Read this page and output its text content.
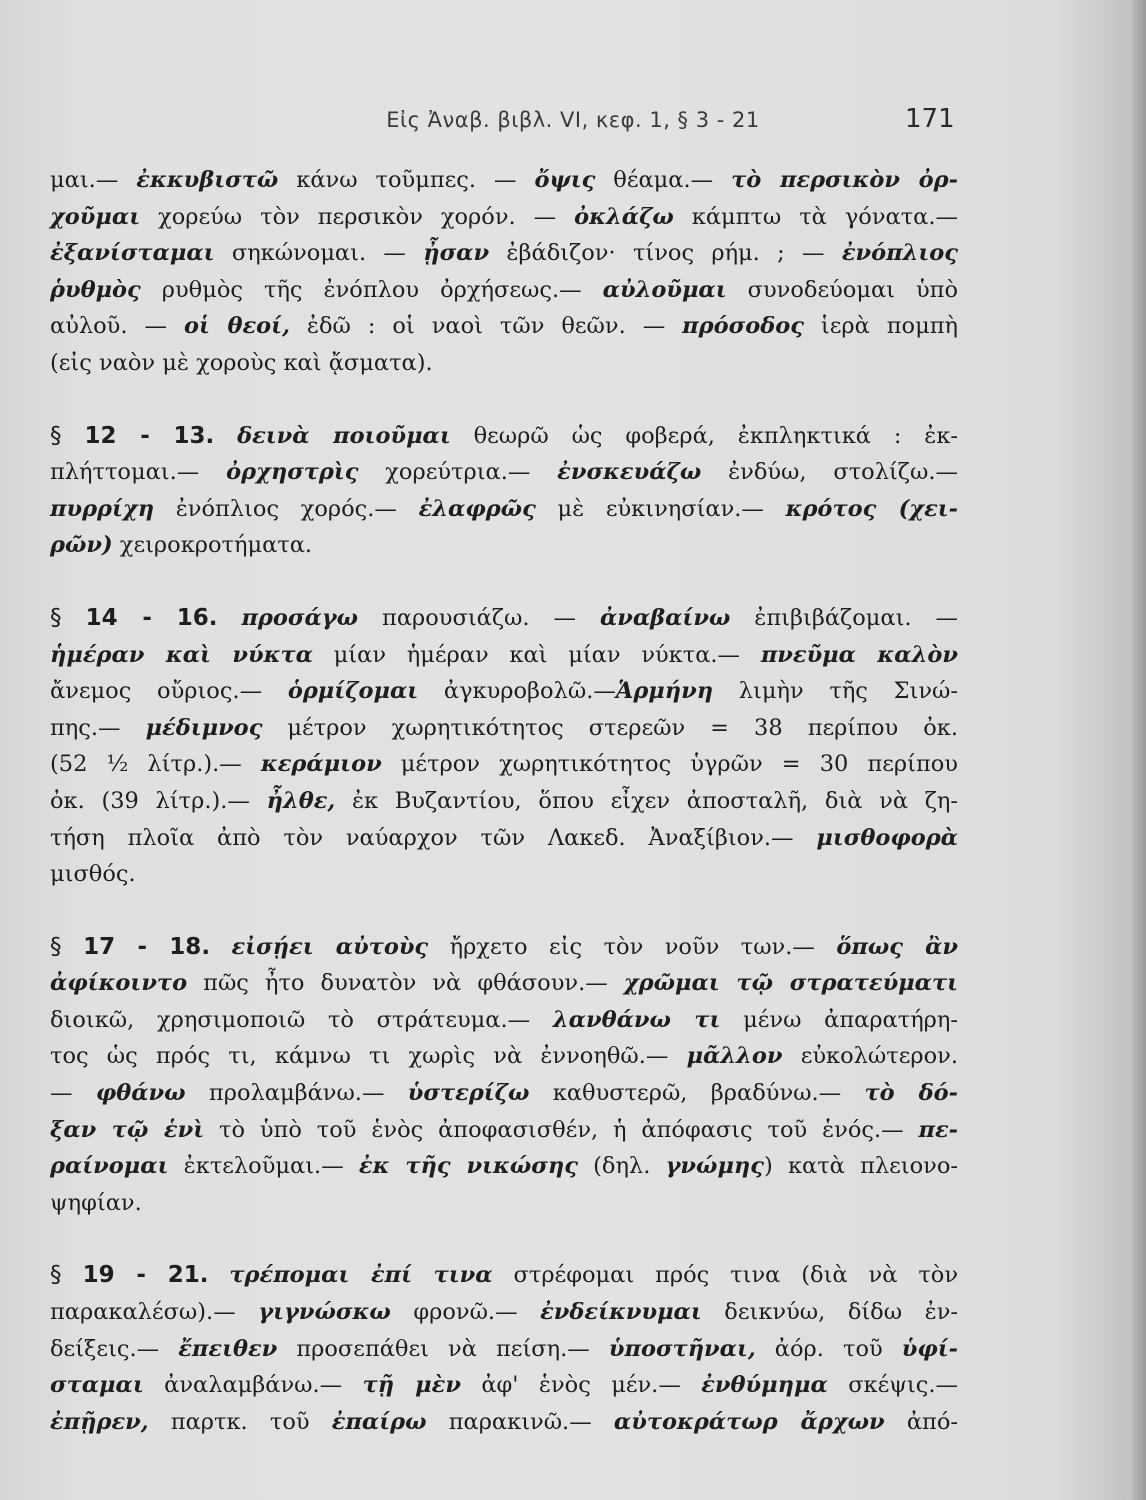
Εἰς Ἀναβ. βιβλ. VI, κεφ. 1, § 3 - 21	171
μαι.— ἐκκυβιστῶ κάνω τοῦμπες. — ὄψις θέαμα.— τὸ περσικὸν ὀρ-
χοῦμαι χορεύω τὸν περσικὸν χορόν. — ὀκλάζω κάμπτω τὰ γόνατα.—
ἐξανίσταμαι σηκώνομαι. — ᾖσαν ἐβάδιζον· τίνος ρήμ. ; — ἐνόπλιος
ῥυθμὸς ρυθμὸς τῆς ἐνόπλου ὀρχήσεως.— αὐλοῦμαι συνοδεύομαι ὑπὸ
αὐλοῦ. — οἱ θεοί, ἐδῶ : οἱ ναοὶ τῶν θεῶν. — πρόσοδος ἱερὰ πομπὴ
(εἰς ναὸν μὲ χοροὺς καὶ ᾄσματα).
§ 12 - 13. δεινὰ ποιοῦμαι θεωρῶ ὡς φοβερά, ἐκπληκτικά : ἐκ-
πλήττομαι.— ὀρχηστρὶς χορεύτρια.— ἐνσκευάζω ἐνδύω, στολίζω.—
πυρρίχη ἐνόπλιος χορός.— ἐλαφρῶς μὲ εὐκινησίαν.— κρότος (χει-
ρῶν) χειροκροτήματα.
§ 14 - 16. προσάγω παρουσιάζω. — ἀναβαίνω ἐπιβιβάζομαι. —
ἡμέραν καὶ νύκτα μίαν ἡμέραν καὶ μίαν νύκτα.— πνεῦμα καλὸν
ἄνεμος οὔριος.— ὁρμίζομαι ἀγκυροβολῶ.—Ἁρμήνη λιμὴν τῆς Σινώ-
πης.— μέδιμνος μέτρον χωρητικότητος στερεῶν = 38 περίπου ὀκ.
(52 ½ λίτρ.).— κεράμιον μέτρον χωρητικότητος ὑγρῶν = 30 περίπου
ὀκ. (39 λίτρ.).— ἦλθε, ἐκ Βυζαντίου, ὅπου εἶχεν ἀποσταλῆ, διὰ νὰ ζη-
τήση πλοῖα ἀπὸ τὸν ναύαρχον τῶν Λακεδ. Ἀναξίβιον.— μισθοφορὰ
μισθός.
§ 17 - 18. εἰσῄει αὐτοὺς ἤρχετο εἰς τὸν νοῦν των.— ὅπως ἂν
ἀφίκοιντο πῶς ἦτο δυνατὸν νὰ φθάσουν.— χρῶμαι τῷ στρατεύματι
διοικῶ, χρησιμοποιῶ τὸ στράτευμα.— λανθάνω τι μένω ἀπαρατήρη-
τος ὡς πρός τι, κάμνω τι χωρὶς νὰ ἐννοηθῶ.— μᾶλλον εὐκολώτερον.
— φθάνω προλαμβάνω.— ὑστερίζω καθυστερῶ, βραδύνω.— τὸ δό-
ξαν τῷ ἑνὶ τὸ ὑπὸ τοῦ ἑνὸς ἀποφασισθέν, ἡ ἀπόφασις τοῦ ἑνός.— πε-
ραίνομαι ἐκτελοῦμαι.— ἐκ τῆς νικώσης (δηλ. γνώμης) κατὰ πλειονο-
ψηφίαν.
§ 19 - 21. τρέπομαι ἐπί τινα στρέφομαι πρός τινα (διὰ νὰ τὸν
παρακαλέσω).— γιγνώσκω φρονῶ.— ἐνδείκνυμαι δεικνύω, δίδω ἐν-
δείξεις.— ἔπειθεν προσεπάθει νὰ πείση.— ὑποστῆναι, ἀόρ. τοῦ ὑφί-
σταμαι ἀναλαμβάνω.— τῇ μὲν ἀφ' ἑνὸς μέν.— ἐνθύμημα σκέψις.—
ἐπῇρεν, παρτκ. τοῦ ἐπαίρω παρακινῶ.— αὐτοκράτωρ ἄρχων ἀπό-
